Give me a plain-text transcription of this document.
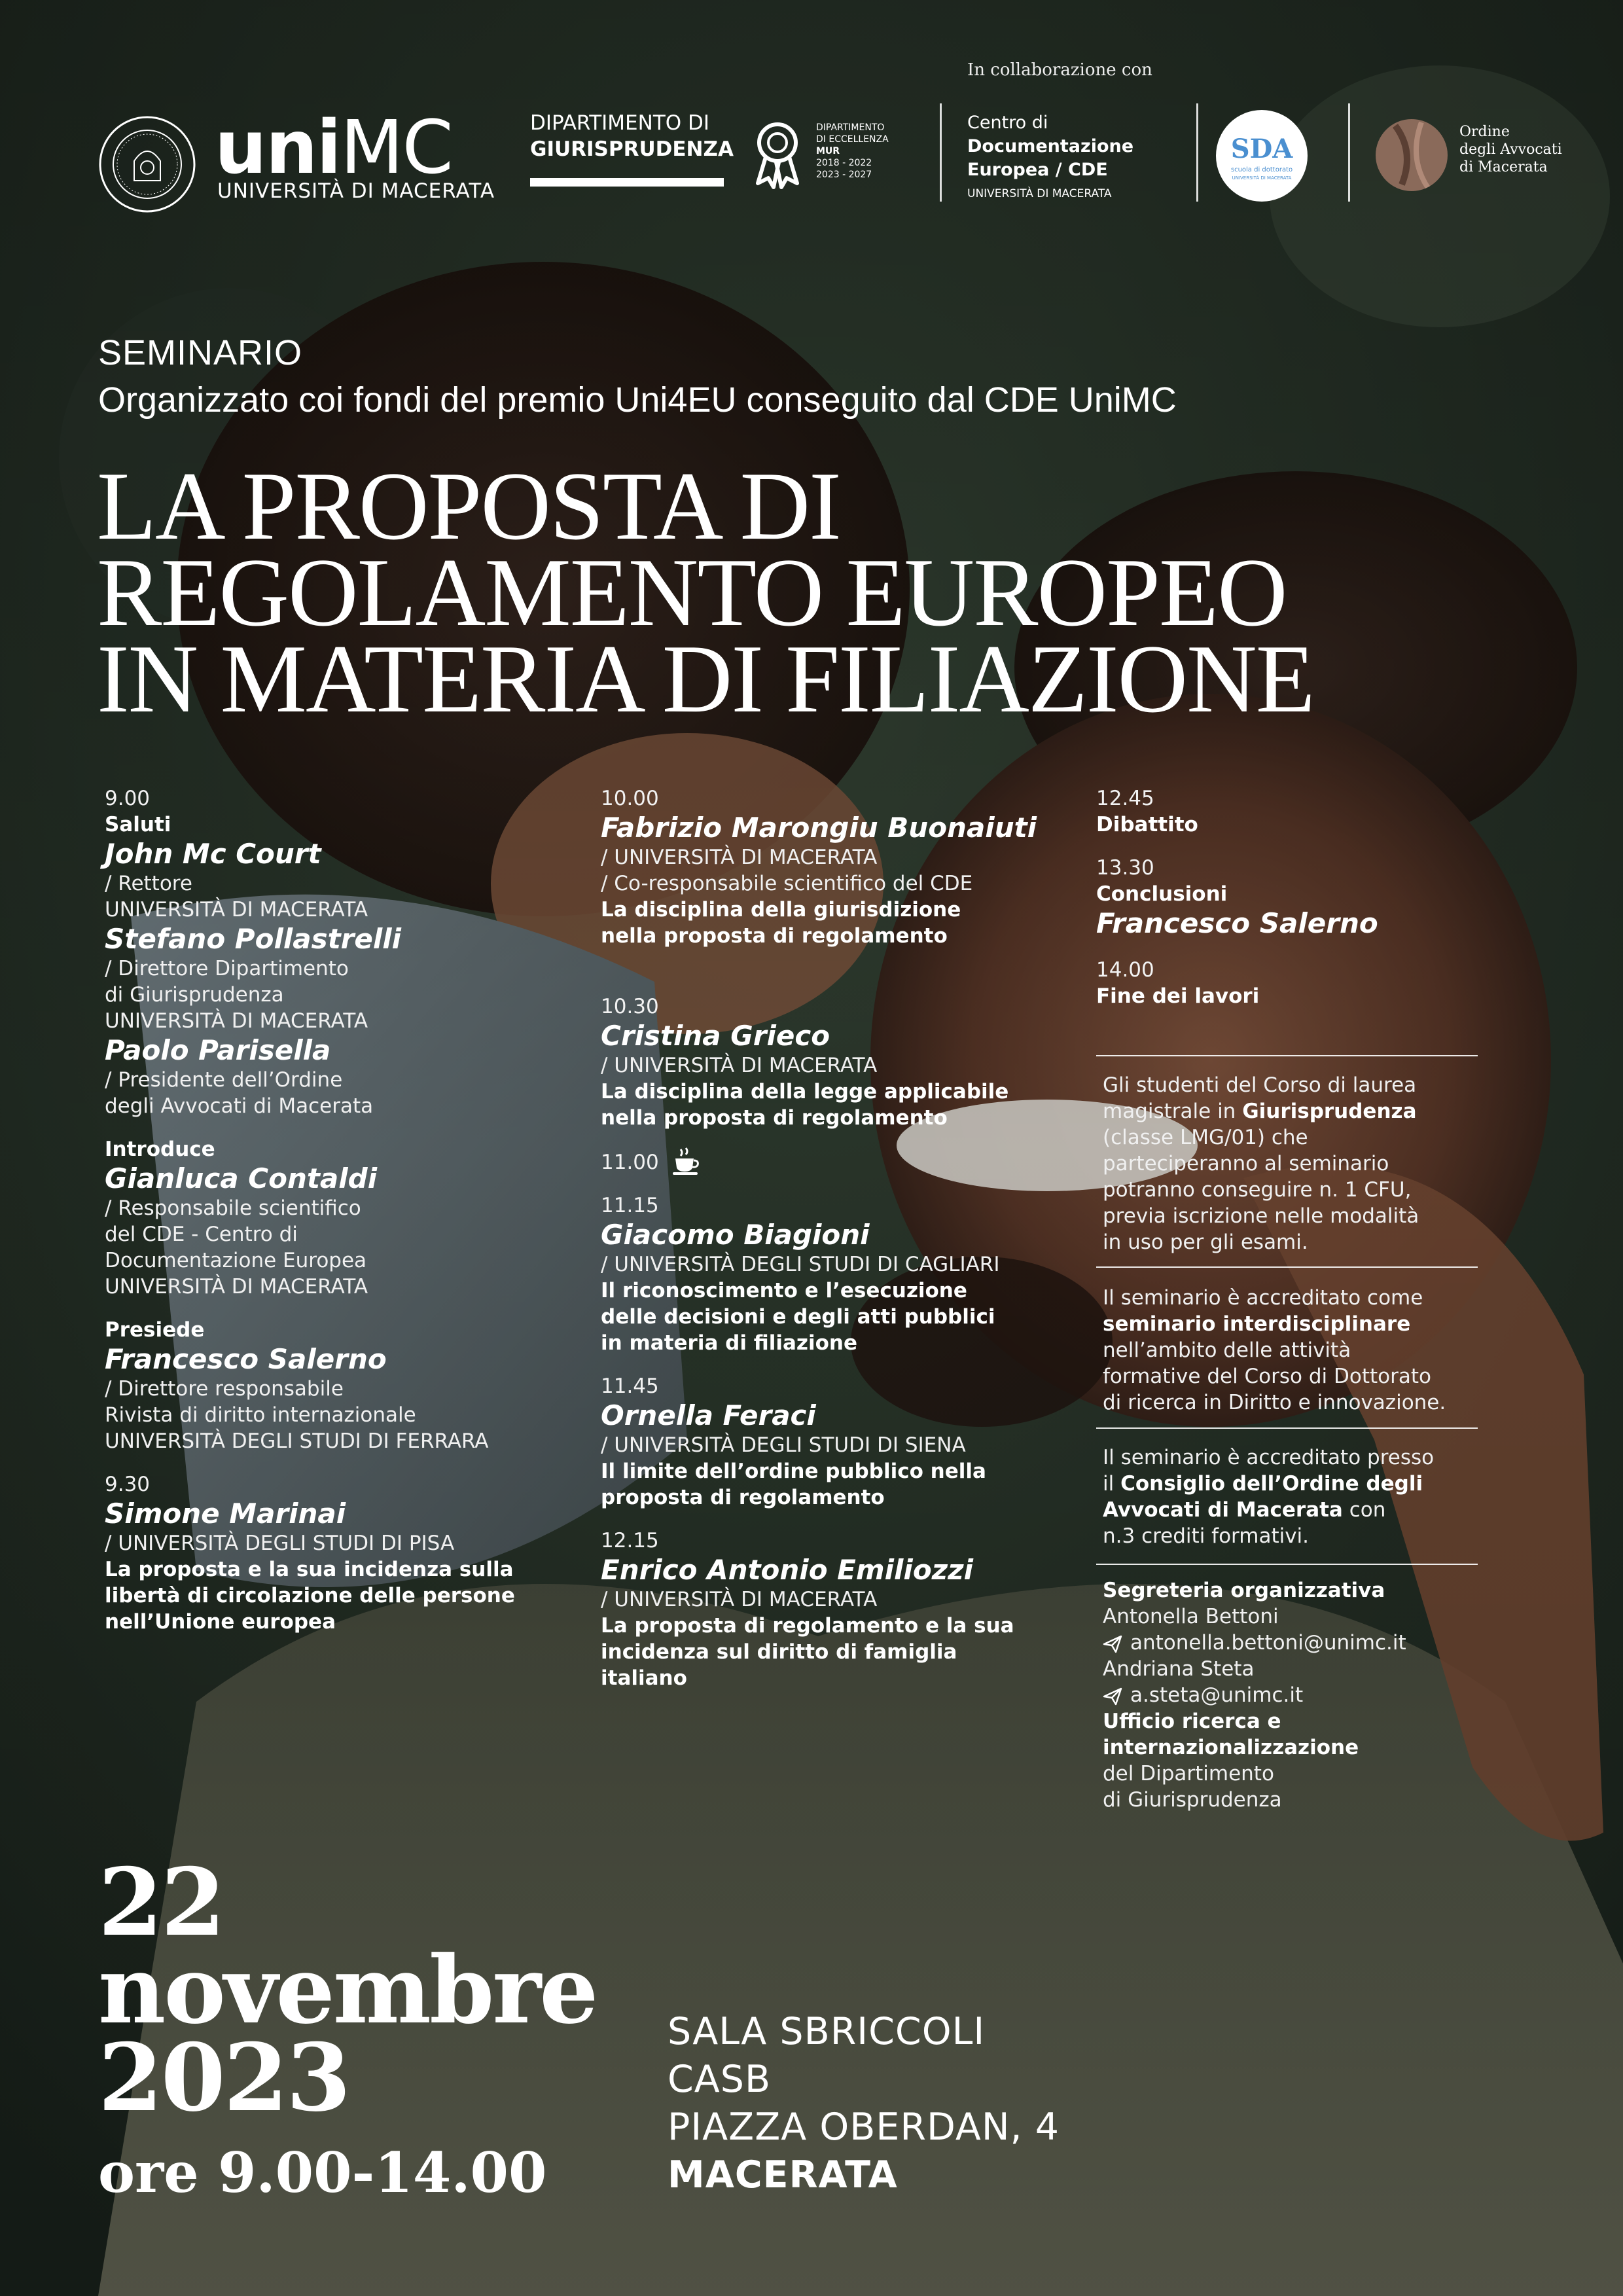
In collaborazione con
uniMC
UNIVERSITÀ DI MACERATA
DIPARTIMENTO DI
GIURISPRUDENZA
DIPARTIMENTO
DI ECCELLENZA
MUR
2018 - 2022
2023 - 2027
Centro di
Documentazione
Europea / CDE
UNIVERSITÀ DI MACERATA
SDA
scuola di dottorato
UNIVERSITÀ DI MACERATA
Ordine
degli Avvocati
di Macerata
SEMINARIO
Organizzato coi fondi del premio Uni4EU conseguito dal CDE UniMC
LA PROPOSTA DI
REGOLAMENTO EUROPEO
IN MATERIA DI FILIAZIONE
9.00
Saluti
John Mc Court
/ Rettore
UNIVERSITÀ DI MACERATA
Stefano Pollastrelli
/ Direttore Dipartimento
di Giurisprudenza
UNIVERSITÀ DI MACERATA
Paolo Parisella
/ Presidente dell’Ordine
degli Avvocati di Macerata
Introduce
Gianluca Contaldi
/ Responsabile scientifico
del CDE - Centro di
Documentazione Europea
UNIVERSITÀ DI MACERATA
Presiede
Francesco Salerno
/ Direttore responsabile
Rivista di diritto internazionale
UNIVERSITÀ DEGLI STUDI DI FERRARA
9.30
Simone Marinai
/ UNIVERSITÀ DEGLI STUDI DI PISA
La proposta e la sua incidenza sulla
libertà di circolazione delle persone
nell’Unione europea
10.00
Fabrizio Marongiu Buonaiuti
/ UNIVERSITÀ DI MACERATA
/ Co-responsabile scientifico del CDE
La disciplina della giurisdizione
nella proposta di regolamento
10.30
Cristina Grieco
/ UNIVERSITÀ DI MACERATA
La disciplina della legge applicabile
nella proposta di regolamento
11.00
11.15
Giacomo Biagioni
/ UNIVERSITÀ DEGLI STUDI DI CAGLIARI
Il riconoscimento e l’esecuzione
delle decisioni e degli atti pubblici
in materia di filiazione
11.45
Ornella Feraci
/ UNIVERSITÀ DEGLI STUDI DI SIENA
Il limite dell’ordine pubblico nella
proposta di regolamento
12.15
Enrico Antonio Emiliozzi
/ UNIVERSITÀ DI MACERATA
La proposta di regolamento e la sua
incidenza sul diritto di famiglia
italiano
12.45
Dibattito
13.30
Conclusioni
Francesco Salerno
14.00
Fine dei lavori
Gli studenti del Corso di laurea
magistrale in Giurisprudenza
(classe LMG/01) che
parteciperanno al seminario
potranno conseguire n. 1 CFU,
previa iscrizione nelle modalità
in uso per gli esami.
Il seminario è accreditato come
seminario interdisciplinare
nell’ambito delle attività
formative del Corso di Dottorato
di ricerca in Diritto e innovazione.
Il seminario è accreditato presso
il Consiglio dell’Ordine degli
Avvocati di Macerata con
n.3 crediti formativi.
Segreteria organizzativa
Antonella Bettoni
antonella.bettoni@unimc.it
Andriana Steta
a.steta@unimc.it
Ufficio ricerca e
internazionalizzazione
del Dipartimento
di Giurisprudenza
22
novembre
2023
ore 9.00-14.00
SALA SBRICCOLI
CASB
PIAZZA OBERDAN, 4
MACERATA
